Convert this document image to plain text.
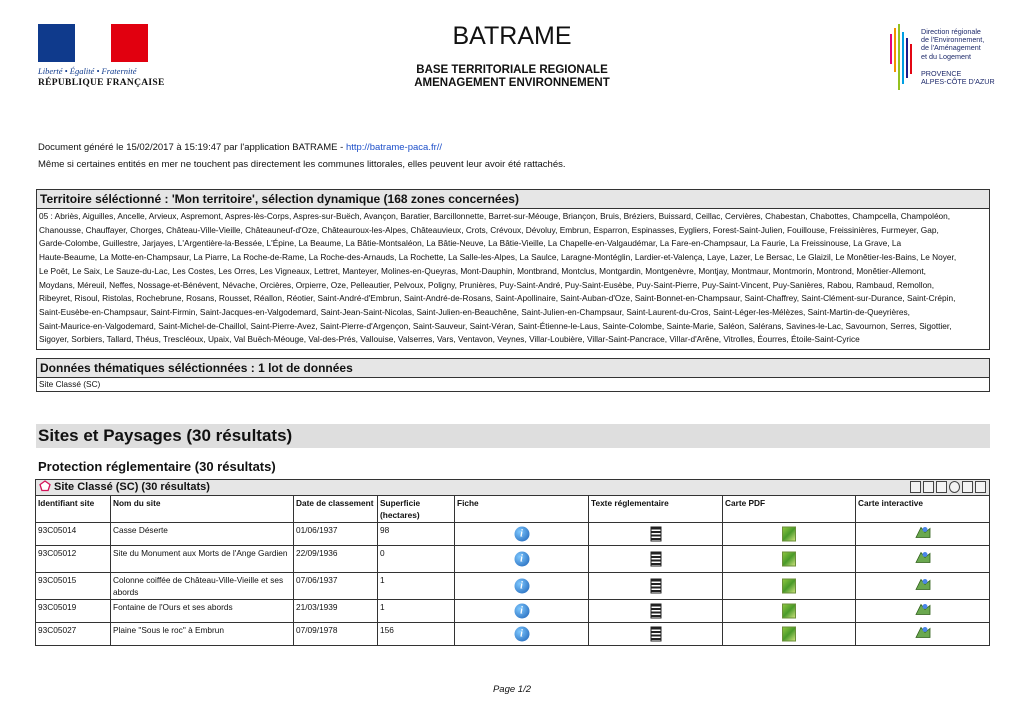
Liberté • Égalité • Fraternité
RÉPUBLIQUE FRANÇAISE
BATRAME
BASE TERRITORIALE REGIONALE
AMENAGEMENT ENVIRONNEMENT
Direction régionale
de l'Environnement,
de l'Aménagement
et du Logement
PROVENCE
ALPES-CÔTE D'AZUR
Document généré le 15/02/2017 à 15:19:47 par l'application BATRAME - http://batrame-paca.fr//
Même si certaines entités en mer ne touchent pas directement les communes littorales, elles peuvent leur avoir été rattachés.
Territoire séléctionné : 'Mon territoire', sélection dynamique (168 zones concernées)
05 : Abriès, Aiguilles, Ancelle, Arvieux, Aspremont, Aspres-lès-Corps, Aspres-sur-Buëch, Avançon, Baratier, Barcillonnette, Barret-sur-Méouge, Briançon, Bruis, Bréziers, Buissard, Ceillac, Cervières, Chabestan, Chabottes, Champcella, Champoléon,
Chanousse, Chauffayer, Chorges, Château-Ville-Vieille, Châteauneuf-d'Oze, Châteauroux-les-Alpes, Châteauvieux, Crots, Crévoux, Dévoluy, Embrun, Esparron, Espinasses, Eygliers, Forest-Saint-Julien, Fouillouse, Freissinières, Furmeyer, Gap,
Garde-Colombe, Guillestre, Jarjayes, L'Argentière-la-Bessée, L'Épine, La Beaume, La Bâtie-Montsaléon, La Bâtie-Neuve, La Bâtie-Vieille, La Chapelle-en-Valgaudémar, La Fare-en-Champsaur, La Faurie, La Freissinouse, La Grave, La
Haute-Beaume, La Motte-en-Champsaur, La Piarre, La Roche-de-Rame, La Roche-des-Arnauds, La Rochette, La Salle-les-Alpes, La Saulce, Laragne-Montéglin, Lardier-et-Valença, Laye, Lazer, Le Bersac, Le Glaizil, Le Monêtier-les-Bains, Le Noyer,
Le Poët, Le Saix, Le Sauze-du-Lac, Les Costes, Les Orres, Les Vigneaux, Lettret, Manteyer, Molines-en-Queyras, Mont-Dauphin, Montbrand, Montclus, Montgardin, Montgenèvre, Montjay, Montmaur, Montmorin, Montrond, Monêtier-Allemont,
Moydans, Méreuil, Neffes, Nossage-et-Bénévent, Névache, Orcières, Orpierre, Oze, Pelleautier, Pelvoux, Poligny, Prunières, Puy-Saint-André, Puy-Saint-Eusèbe, Puy-Saint-Pierre, Puy-Saint-Vincent, Puy-Sanières, Rabou, Rambaud, Remollon,
Ribeyret, Risoul, Ristolas, Rochebrune, Rosans, Rousset, Réallon, Réotier, Saint-André-d'Embrun, Saint-André-de-Rosans, Saint-Apollinaire, Saint-Auban-d'Oze, Saint-Bonnet-en-Champsaur, Saint-Chaffrey, Saint-Clément-sur-Durance, Saint-Crépin,
Saint-Eusèbe-en-Champsaur, Saint-Firmin, Saint-Jacques-en-Valgodemard, Saint-Jean-Saint-Nicolas, Saint-Julien-en-Beauchêne, Saint-Julien-en-Champsaur, Saint-Laurent-du-Cros, Saint-Léger-les-Mélèzes, Saint-Martin-de-Queyrières,
Saint-Maurice-en-Valgodemard, Saint-Michel-de-Chaillol, Saint-Pierre-Avez, Saint-Pierre-d'Argençon, Saint-Sauveur, Saint-Véran, Saint-Étienne-le-Laus, Sainte-Colombe, Sainte-Marie, Saléon, Salérans, Savines-le-Lac, Savournon, Serres, Sigottier,
Sigoyer, Sorbiers, Tallard, Théus, Trescléoux, Upaix, Val Buëch-Méouge, Val-des-Prés, Vallouise, Valserres, Vars, Ventavon, Veynes, Villar-Loubière, Villar-Saint-Pancrace, Villar-d'Arêne, Vitrolles, Éourres, Étoile-Saint-Cyrice
Données thématiques séléctionnées : 1 lot de données
Site Classé (SC)
Sites et Paysages (30 résultats)
Protection réglementaire (30 résultats)
Site Classé (SC) (30 résultats)							

Identifiant site	Nom du site	Date de classement	Superficie (hectares)	Fiche	Texte réglementaire	Carte PDF	Carte interactive
93C05014	Casse Déserte	01/06/1937	98	i

93C05012	Site du Monument aux Morts de l'Ange Gardien	22/09/1936	0	i

93C05015	Colonne coiffée de Château-Ville-Vieille et ses abords	07/06/1937	1	i

93C05019	Fontaine de l'Ours et ses abords	21/03/1939	1	i

93C05027	Plaine "Sous le roc" à Embrun	07/09/1978	156	i

Page 1/2
